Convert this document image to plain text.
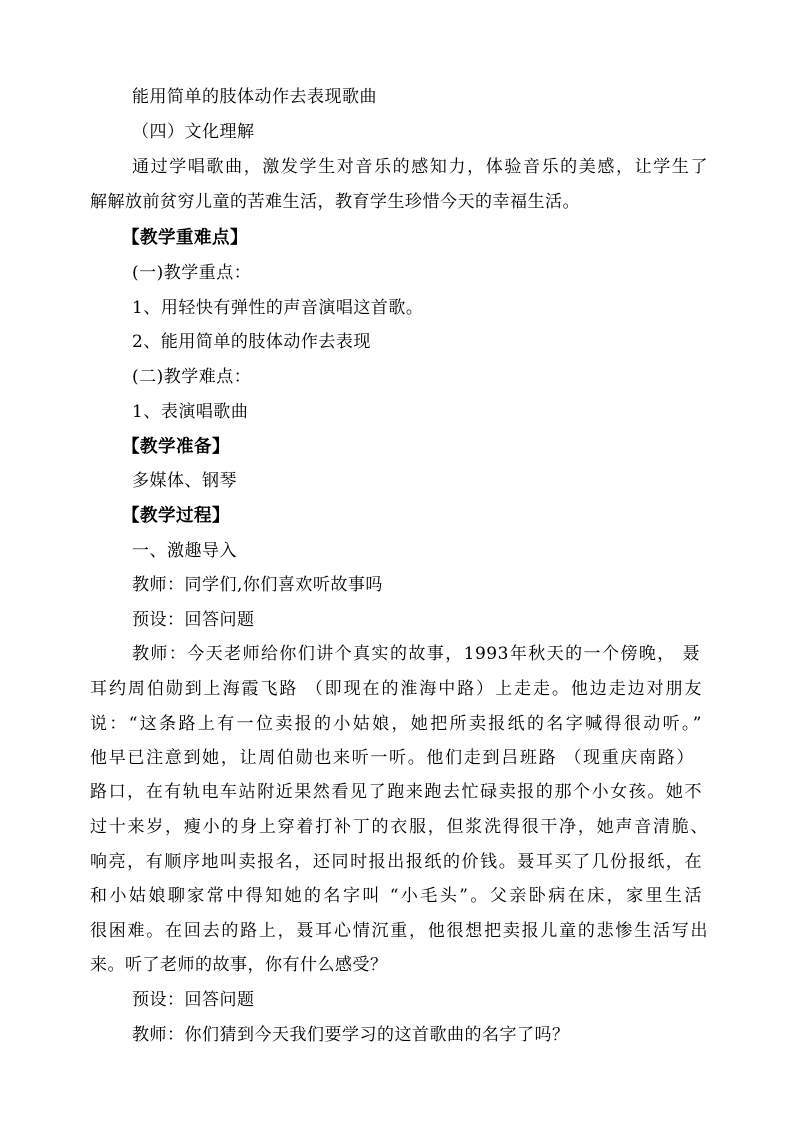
能用简单的肢体动作去表现歌曲
（四）文化理解
通过学唱歌曲，激发学生对音乐的感知力，体验音乐的美感，让学生了
解解放前贫穷儿童的苦难生活，教育学生珍惜今天的幸福生活。
【教学重难点】
(一)教学重点：
1、用轻快有弹性的声音演唱这首歌。
2、能用简单的肢体动作去表现
(二)教学难点：
1、表演唱歌曲
【教学准备】
多媒体、钢琴
【教学过程】
一、激趣导入
教师：同学们,你们喜欢听故事吗
预设：回答问题
教师：今天老师给你们讲个真实的故事，1993年秋天的一个傍晚， 聂
耳约周伯勋到上海霞飞路 （即现在的淮海中路）上走走。他边走边对朋友
说：“这条路上有一位卖报的小姑娘，她把所卖报纸的名字喊得很动听。”
他早已注意到她，让周伯勋也来听一听。他们走到吕班路 （现重庆南路）
路口，在有轨电车站附近果然看见了跑来跑去忙碌卖报的那个小女孩。她不
过十来岁，瘦小的身上穿着打补丁的衣服，但浆洗得很干净，她声音清脆、
响亮，有顺序地叫卖报名，还同时报出报纸的价钱。聂耳买了几份报纸，在
和小姑娘聊家常中得知她的名字叫 “小毛头”。父亲卧病在床，家里生活
很困难。在回去的路上，聂耳心情沉重，他很想把卖报儿童的悲惨生活写出
来。听了老师的故事，你有什么感受？
预设：回答问题
教师：你们猜到今天我们要学习的这首歌曲的名字了吗？
